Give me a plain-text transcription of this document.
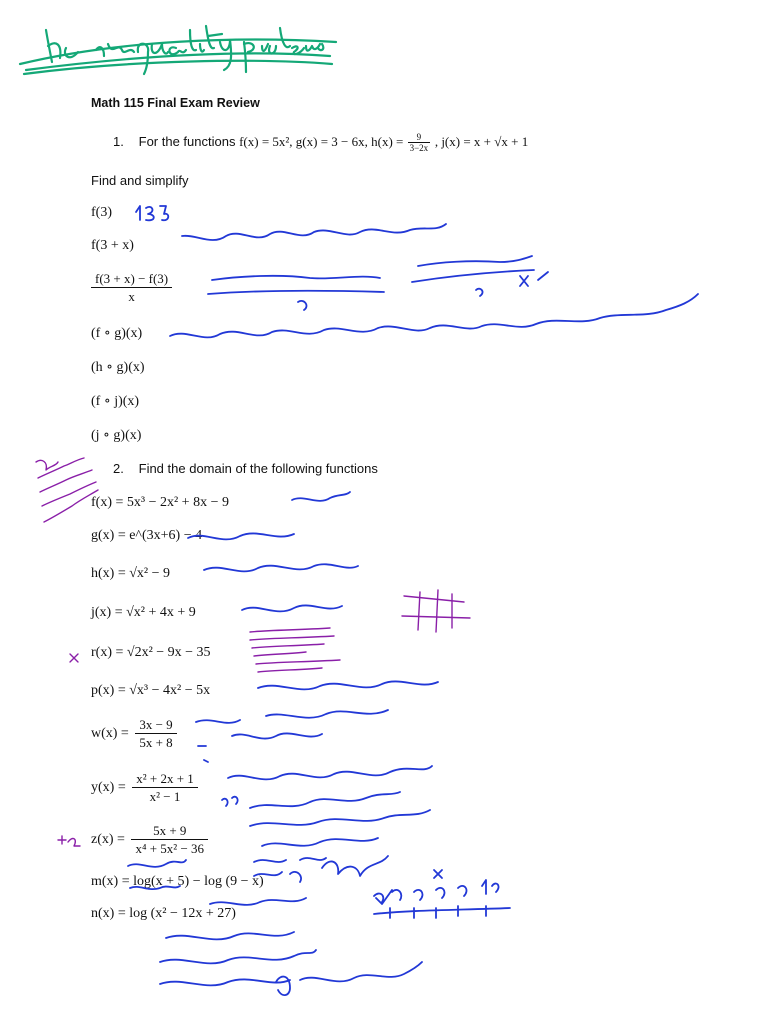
Math 115 Final Exam Review
1. For the functions f(x) = 5x², g(x) = 3 − 6x, $h(x) = \frac{9}{3-2x}$ , j(x) = x + √x + 1
Find and simplify
f(3)
f(3 + x)
$\frac{f(3 + x) - f(3)}{x}$
(f ∘ g)(x)
(h ∘ g)(x)
(f ∘ j)(x)
(j ∘ g)(x)
2. Find the domain of the following functions
f(x) = 5x³ − 2x² + 8x − 9
g(x) = e^(3x+6) − 4
h(x) = √x² − 9
j(x) = √x² + 4x + 9
r(x) = √2x² − 9x − 35
p(x) = √x³ − 4x² − 5x
$w(x) = \frac{3x - 9}{5x + 8}$
$y(x) = \frac{\text{x² + 2x + 1}}{\text{x² − 1}}$
$z(x) = \frac{5x + 9}{\text{x⁴ + 5x² − 36}}$
m(x) = log(x + 5) − log (9 − x)
n(x) = log (x² − 12x + 27)
